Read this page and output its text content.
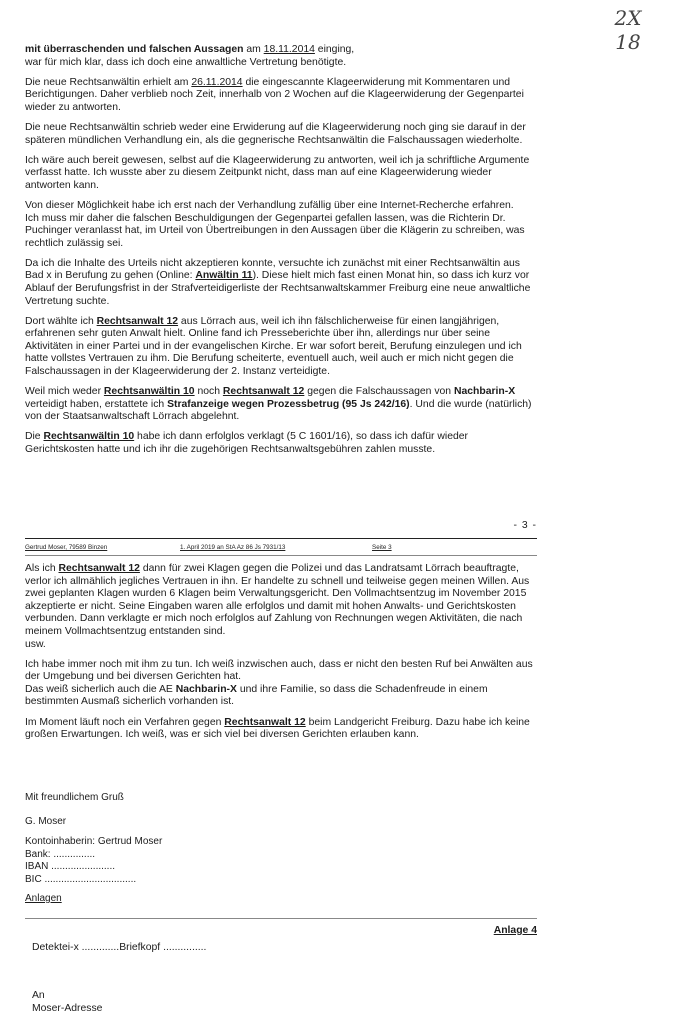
2X
18

mit überraschenden und falschen Aussagen am 18.11.2014 einging,
war für mich klar, dass ich doch eine anwaltliche Vertretung benötigte.

Die neue Rechtsanwältin erhielt am 26.11.2014 die eingescannte Klageerwiderung mit Kommentaren und Berichtigungen. Daher verblieb noch Zeit, innerhalb von 2 Wochen auf die Klageerwiderung der Gegenpartei wieder zu antworten.

Die neue Rechtsanwältin schrieb weder eine Erwiderung auf die Klageerwiderung noch ging sie darauf in der späteren mündlichen Verhandlung ein, als die gegnerische Rechtsanwältin die Falschaussagen wiederholte.

Ich wäre auch bereit gewesen, selbst auf die Klageerwiderung zu antworten, weil ich ja schriftliche Argumente verfasst hatte. Ich wusste aber zu diesem Zeitpunkt nicht, dass man auf eine Klageerwiderung wieder antworten kann.

Von dieser Möglichkeit habe ich erst nach der Verhandlung zufällig über eine Internet-Recherche erfahren.
Ich muss mir daher die falschen Beschuldigungen der Gegenpartei gefallen lassen, was die Richterin Dr. Puchinger veranlasst hat, im Urteil von Übertreibungen in den Aussagen über die Klägerin zu schreiben, was rechtlich zulässig sei.

Da ich die Inhalte des Urteils nicht akzeptieren konnte, versuchte ich zunächst mit einer Rechtsanwältin aus Bad x in Berufung zu gehen (Online: Anwältin 11). Diese hielt mich fast einen Monat hin, so dass ich kurz vor Ablauf der Berufungsfrist in der Strafverteidigerliste der Rechtsanwaltskammer Freiburg eine neue anwaltliche Vertretung suchte.

Dort wählte ich Rechtsanwalt 12 aus Lörrach aus, weil ich ihn fälschlicherweise für einen langjährigen, erfahrenen sehr guten Anwalt hielt. Online fand ich Presseberichte über ihn, allerdings nur über seine Aktivitäten in einer Partei und in der evangelischen Kirche. Er war sofort bereit, Berufung einzulegen und ich hatte vollstes Vertrauen zu ihm. Die Berufung scheiterte, eventuell auch, weil auch er mich nicht gegen die Falschaussagen in der Klageerwiderung der 2. Instanz verteidigte.

Weil mich weder Rechtsanwältin 10 noch Rechtsanwalt 12 gegen die Falschaussagen von Nachbarin-X verteidigt haben, erstattete ich Strafanzeige wegen Prozessbetrug (95 Js 242/16). Und die wurde (natürlich) von der Staatsanwaltschaft Lörrach abgelehnt.

Die Rechtsanwältin 10 habe ich dann erfolglos verklagt (5 C 1601/16), so dass ich dafür wieder Gerichtskosten hatte und ich ihr die zugehörigen Rechtsanwaltsgebühren zahlen musste.

- 3 -
Gertrud Moser, 79589 Binzen	1. April 2019 an StA Az 86 Js 7931/13	Seite 3

Als ich Rechtsanwalt 12 dann für zwei Klagen gegen die Polizei und das Landratsamt Lörrach beauftragte, verlor ich allmählich jegliches Vertrauen in ihn. Er handelte zu schnell und teilweise gegen meinen Willen. Aus zwei geplanten Klagen wurden 6 Klagen beim Verwaltungsgericht. Den Vollmachtsentzug im November 2015 akzeptierte er nicht. Seine Eingaben waren alle erfolglos und damit mit hohen Anwalts- und Gerichtskosten verbunden. Dann verklagte er mich noch erfolglos auf Zahlung von Rechnungen wegen Aktivitäten, die nach meinem Vollmachtsentzug entstanden sind.
usw.

Ich habe immer noch mit ihm zu tun. Ich weiß inzwischen auch, dass er nicht den besten Ruf bei Anwälten aus der Umgebung und bei diversen Gerichten hat.
Das weiß sicherlich auch die AE Nachbarin-X und ihre Familie, so dass die Schadenfreude in einem bestimmten Ausmaß sicherlich vorhanden ist.

Im Moment läuft noch ein Verfahren gegen Rechtsanwalt 12 beim Landgericht Freiburg. Dazu habe ich keine großen Erwartungen. Ich weiß, was er sich viel bei diversen Gerichten erlauben kann.

Mit freundlichem Gruß
G. Moser
Kontoinhaberin: Gertrud Moser
Bank: ...............
IBAN .......................
BIC .................................
Anlagen
Anlage 4
Detektei-x .............Briefkopf ...............
An
Moser-Adresse
